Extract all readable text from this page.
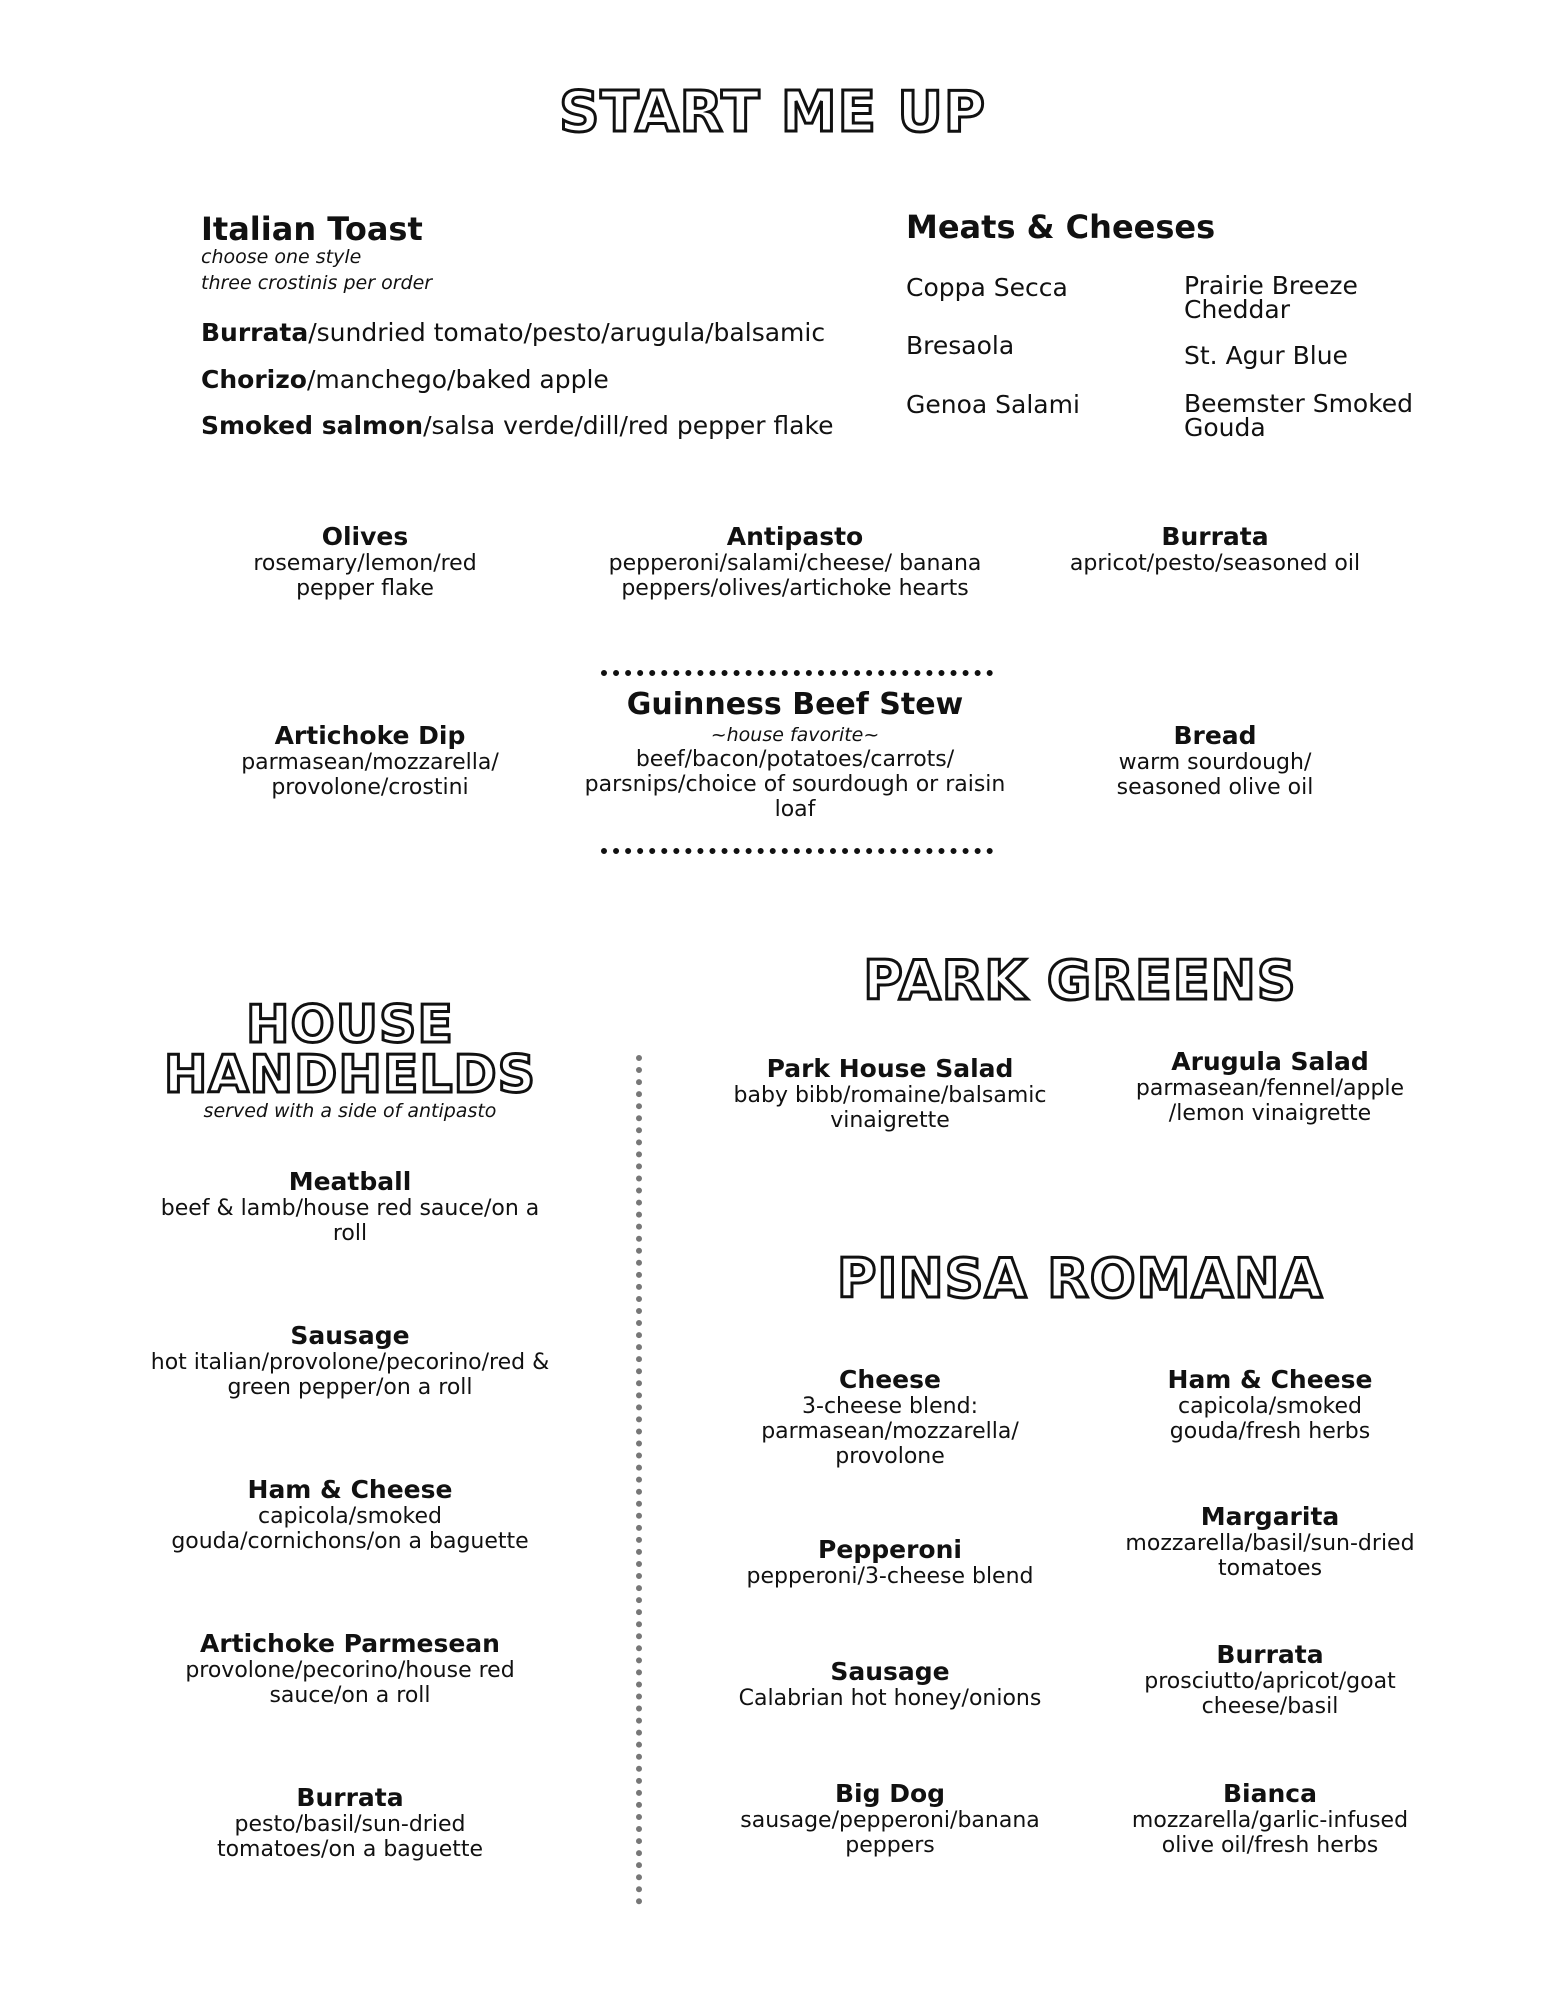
START ME UP
Italian Toast
choose one style
three crostinis per order
Burrata/sundried tomato/pesto/arugula/balsamic
Chorizo/manchego/baked apple
Smoked salmon/salsa verde/dill/red pepper flake
Meats & Cheeses
Coppa Secca
Bresaola
Genoa Salami
Prairie Breeze Cheddar
St. Agur Blue
Beemster Smoked Gouda
Olives
rosemary/lemon/red pepper flake
Antipasto
pepperoni/salami/cheese/ banana peppers/olives/artichoke hearts
Burrata
apricot/pesto/seasoned oil
Guinness Beef Stew
~house favorite~
beef/bacon/potatoes/carrots/ parsnips/choice of sourdough or raisin loaf
Artichoke Dip
parmasean/mozzarella/ provolone/crostini
Bread
warm sourdough/ seasoned olive oil
HOUSE
HANDHELDS
served with a side of antipasto
Meatball
beef & lamb/house red sauce/on a roll
Sausage
hot italian/provolone/pecorino/red & green pepper/on a roll
Ham & Cheese
capicola/smoked gouda/cornichons/on a baguette
Artichoke Parmesean
provolone/pecorino/house red sauce/on a roll
Burrata
pesto/basil/sun-dried tomatoes/on a baguette
PARK GREENS
Park House Salad
baby bibb/romaine/balsamic vinaigrette
Arugula Salad
parmasean/fennel/apple /lemon vinaigrette
PINSA ROMANA
Cheese
3-cheese blend: parmasean/mozzarella/ provolone
Ham & Cheese
capicola/smoked gouda/fresh herbs
Pepperoni
pepperoni/3-cheese blend
Margarita
mozzarella/basil/sun-dried tomatoes
Sausage
Calabrian hot honey/onions
Burrata
prosciutto/apricot/goat cheese/basil
Big Dog
sausage/pepperoni/banana peppers
Bianca
mozzarella/garlic-infused olive oil/fresh herbs
